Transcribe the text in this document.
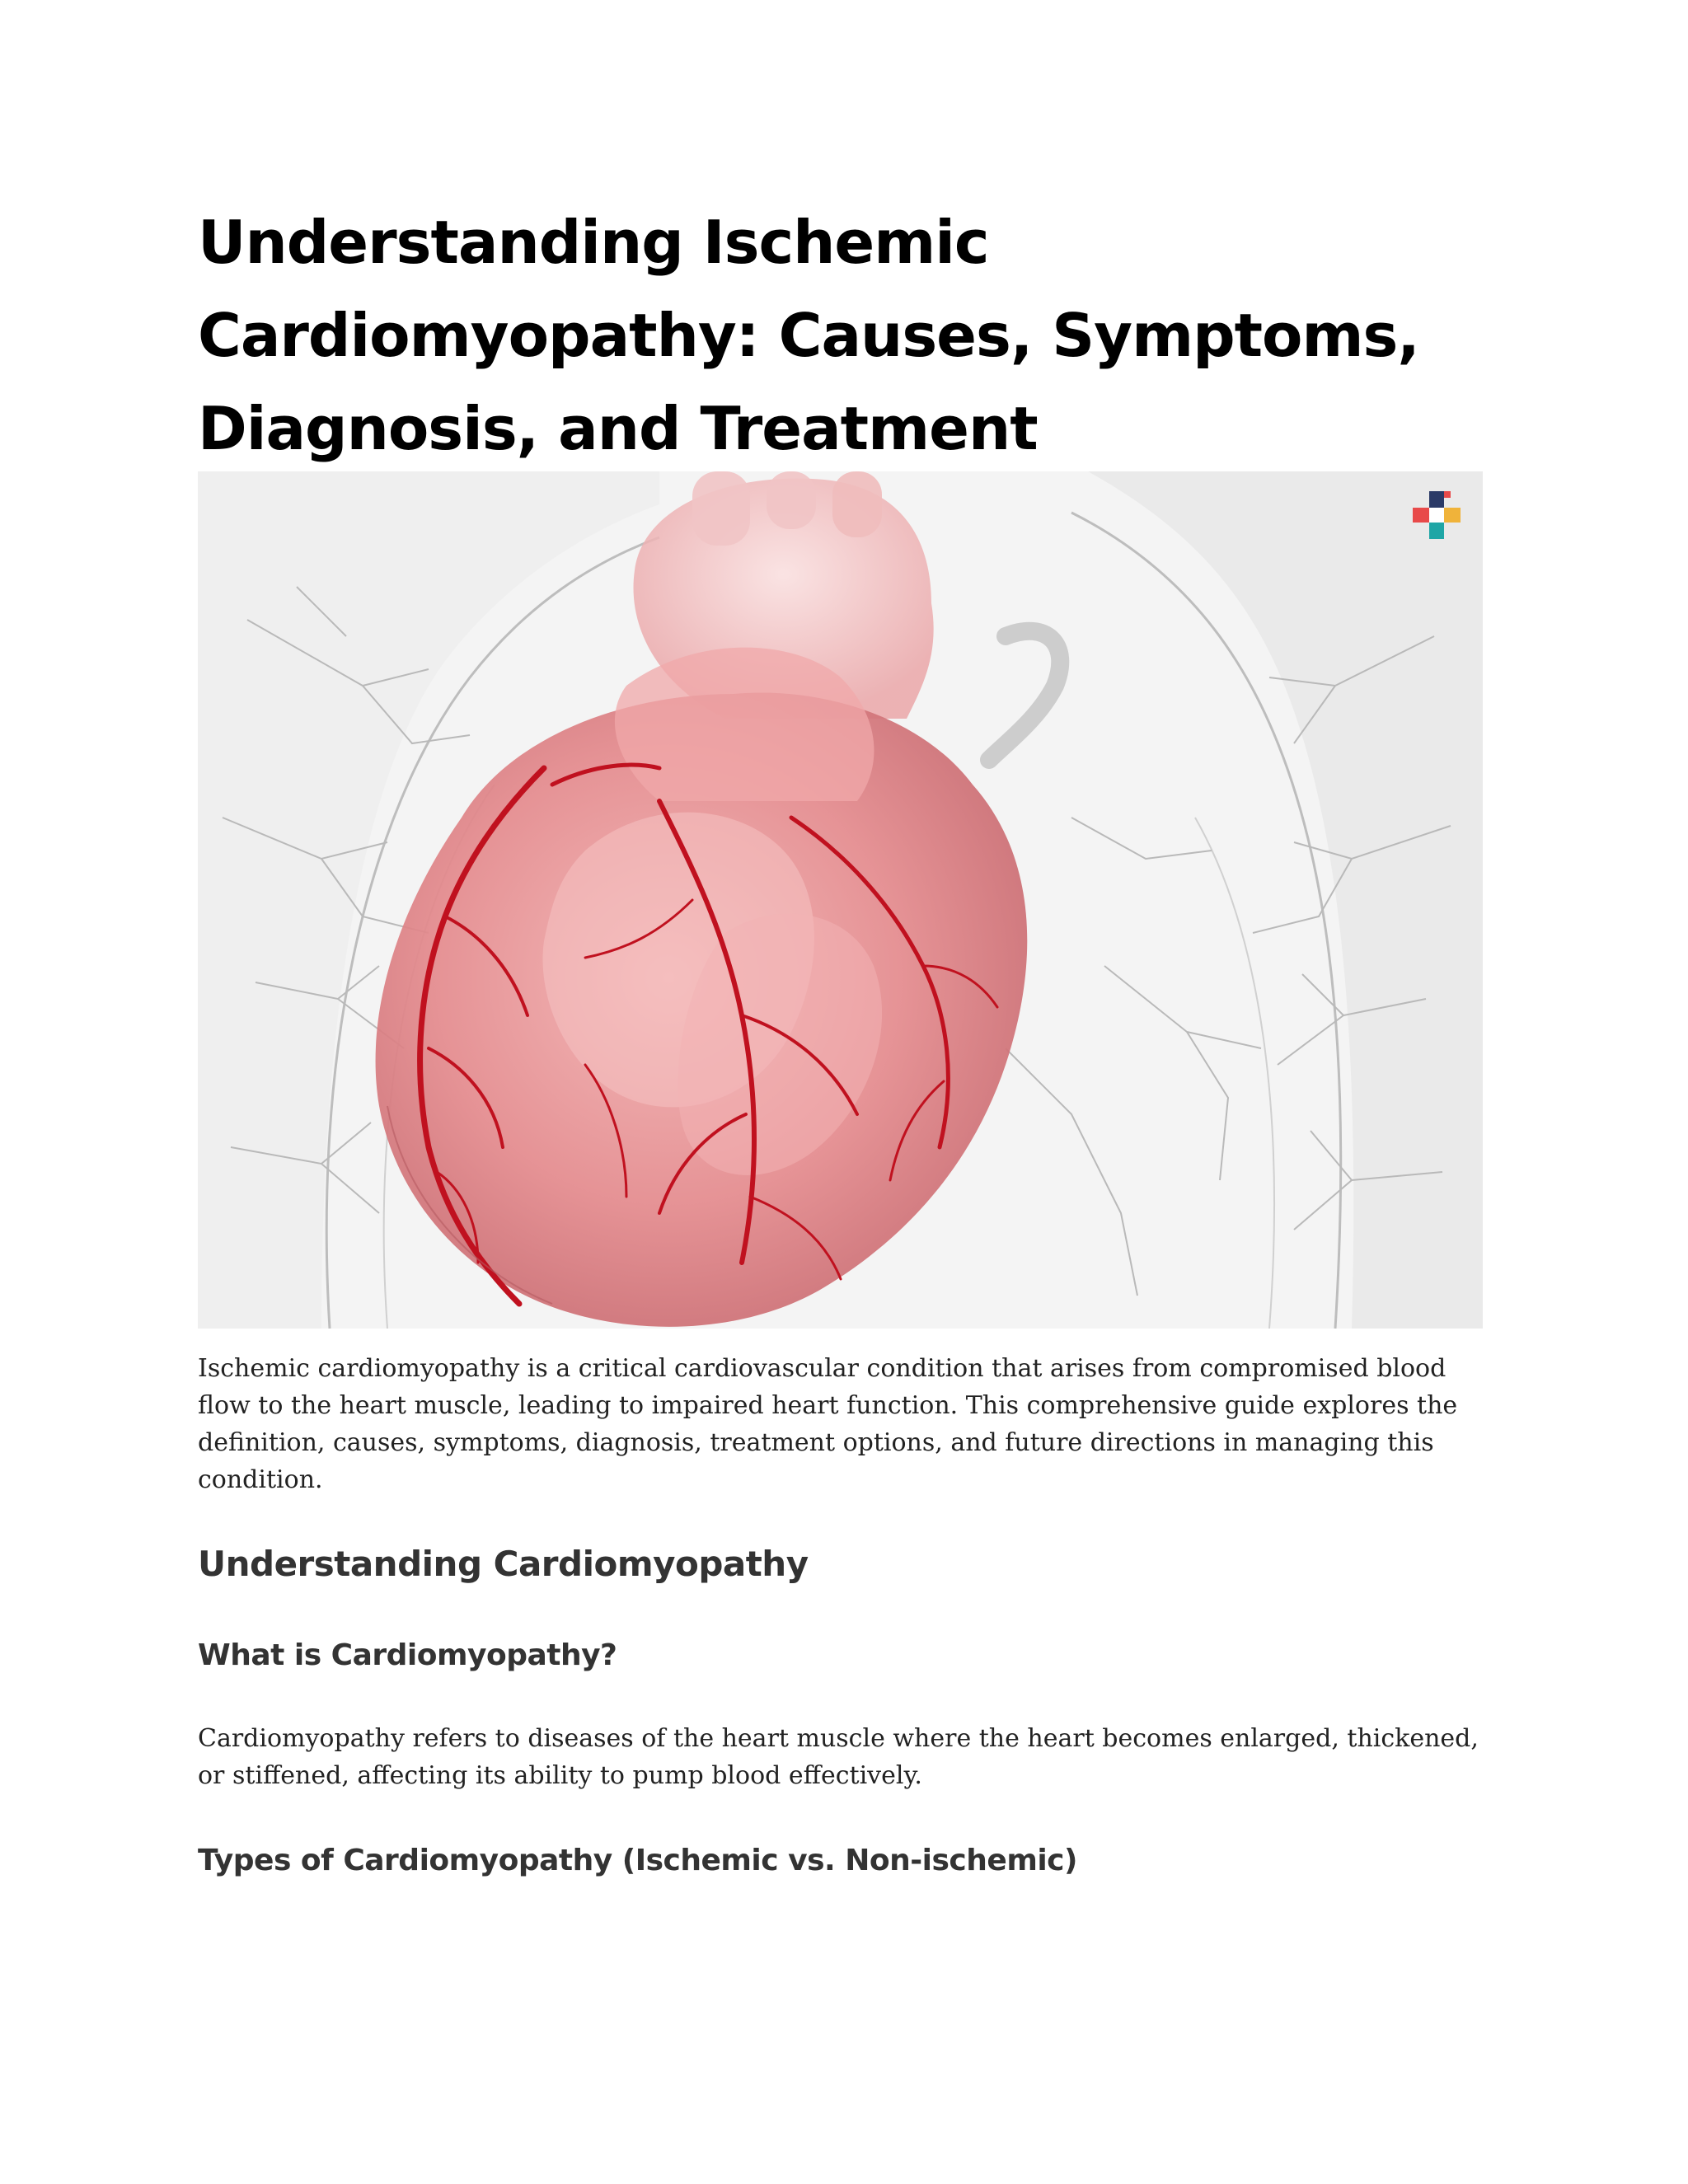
Understanding Ischemic Cardiomyopathy: Causes, Symptoms, Diagnosis, and Treatment

Ischemic cardiomyopathy is a critical cardiovascular condition that arises from compromised blood flow to the heart muscle, leading to impaired heart function. This comprehensive guide explores the definition, causes, symptoms, diagnosis, treatment options, and future directions in managing this condition.

Understanding Cardiomyopathy
What is Cardiomyopathy?

Cardiomyopathy refers to diseases of the heart muscle where the heart becomes enlarged, thickened, or stiffened, affecting its ability to pump blood effectively.

Types of Cardiomyopathy (Ischemic vs. Non-ischemic)
